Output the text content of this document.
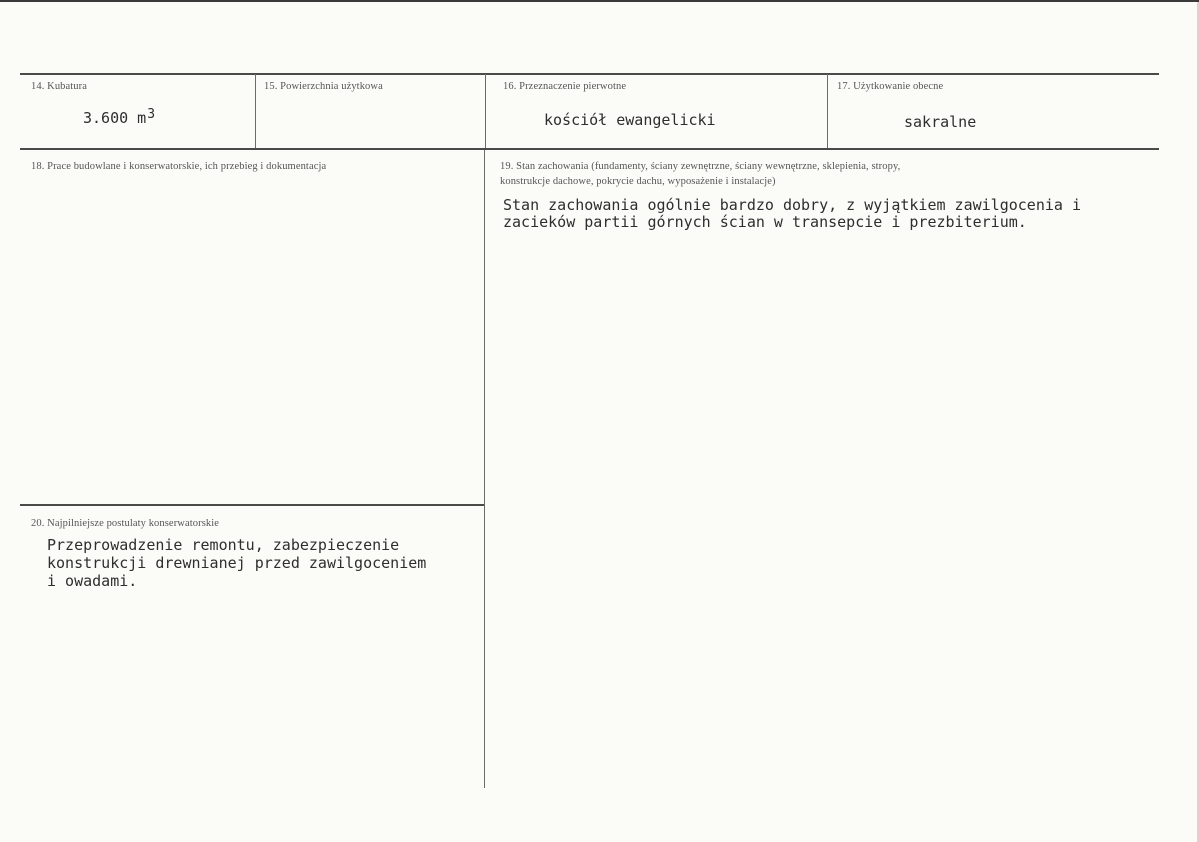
14. Kubatura
3.600 $m^3$
15. Powierzchnia użytkowa	16. Przeznaczenie pierwotne
kościół ewangelicki
17. Użytkowanie obecne
sakralne
18. Prace budowlane i konserwatorskie, ich przebieg i dokumentacja	19. Stan zachowania (fundamenty, ściany zewnętrzne, ściany wewnętrzne, sklepienia, stropy,
konstrukcje dachowe, pokrycie dachu, wyposażenie i instalacje)
Stan zachowania ogólnie bardzo dobry, z wyjątkiem zawilgocenia i
zacieków partii górnych ścian w transepcie i prezbiterium.
20. Najpilniejsze postulaty konserwatorskie
Przeprowadzenie remontu, zabezpieczenie
konstrukcji drewnianej przed zawilgoceniem
i owadami.
